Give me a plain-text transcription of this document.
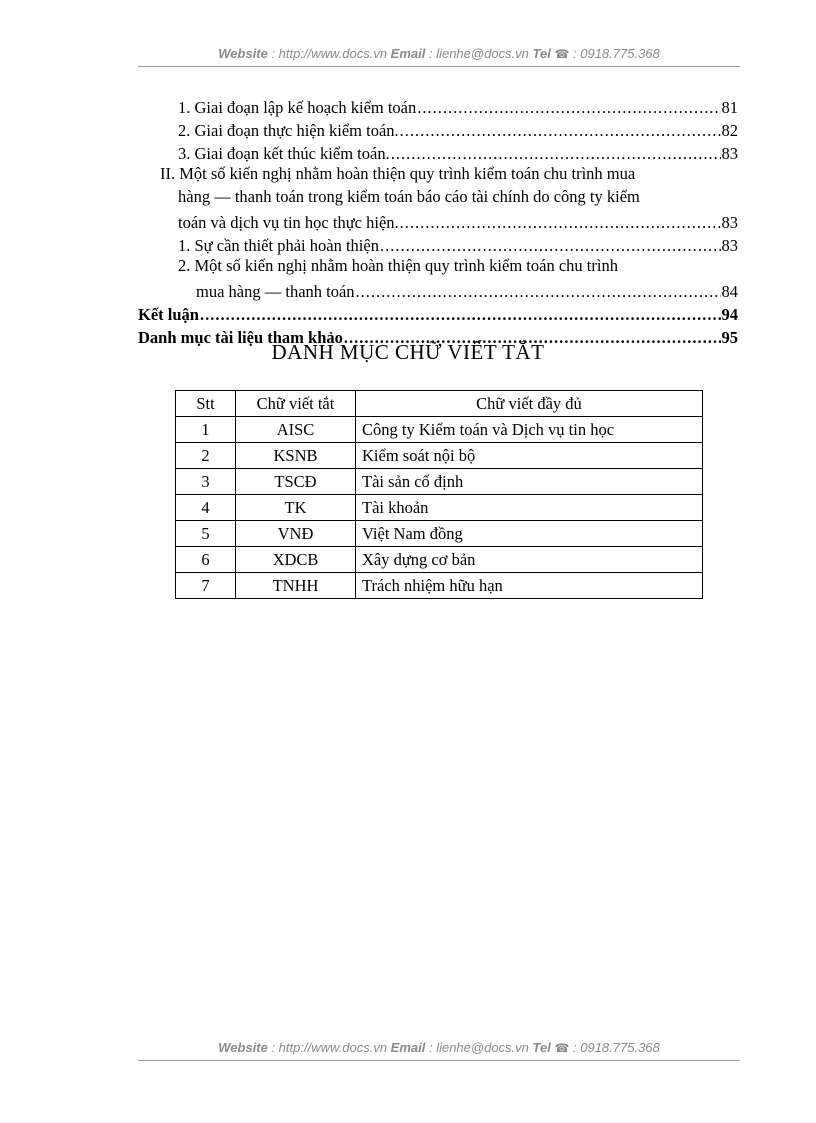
Website : http://www.docs.vn Email : lienhe@docs.vn Tel ☎ : 0918.775.368
1. Giai đoạn lập kế hoạch kiểm toán .....	81
2. Giai đoạn thực hiện kiểm toán. .....	82
3. Giai đoạn kết thúc kiểm toán. .....	83
II. Một số kiến nghị nhằm hoàn thiện quy trình kiểm toán chu trình mua
hàng — thanh toán trong kiểm toán báo cáo tài chính do công ty kiểm
toán và dịch vụ tin học thực hiện. .....	83
1. Sự cần thiết phải hoàn thiện .....	83
2. Một số kiến nghị nhằm hoàn thiện quy trình kiểm toán chu trình
mua hàng — thanh toán .....	84
Kết luận .....	94
Danh mục tài liệu tham khảo .....	95
DANH MỤC CHỮ VIẾT TẮT
Stt	Chữ viết tắt	Chữ viết đầy đủ
1	AISC	Công ty Kiểm toán và Dịch vụ tin học
2	KSNB	Kiểm soát nội bộ
3	TSCĐ	Tài sản cố định
4	TK	Tài khoản
5	VNĐ	Việt Nam đồng
6	XDCB	Xây dựng cơ bản
7	TNHH	Trách nhiệm hữu hạn
Website : http://www.docs.vn Email : lienhe@docs.vn Tel ☎ : 0918.775.368
